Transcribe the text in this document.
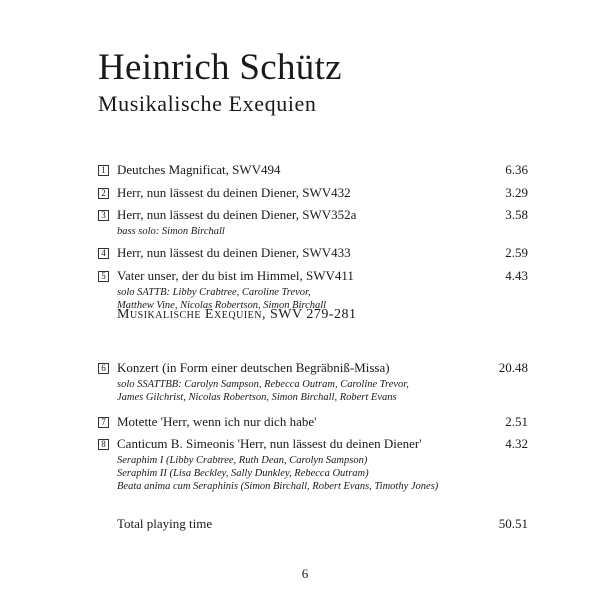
Heinrich Schütz
Musikalische Exequien
1 Deutches Magnificat, SWV494	6.36
2 Herr, nun lässest du deinen Diener, SWV432	3.29
3 Herr, nun lässest du deinen Diener, SWV352a	3.58
bass solo: Simon Birchall
4 Herr, nun lässest du deinen Diener, SWV433	2.59
5 Vater unser, der du bist im Himmel, SWV411	4.43
solo SATTB: Libby Crabtree, Caroline Trevor,
Matthew Vine, Nicolas Robertson, Simon Birchall
Musikalische Exequien, SWV 279-281
6 Konzert (in Form einer deutschen Begräbniß-Missa)	20.48
solo SSATTBB: Carolyn Sampson, Rebecca Outram, Caroline Trevor,
James Gilchrist, Nicolas Robertson, Simon Birchall, Robert Evans
7 Motette 'Herr, wenn ich nur dich habe'	2.51
8 Canticum B. Simeonis 'Herr, nun lässest du deinen Diener'	4.32
Seraphim I (Libby Crabtree, Ruth Dean, Carolyn Sampson)
Seraphim II (Lisa Beckley, Sally Dunkley, Rebecca Outram)
Beata anima cum Seraphinis (Simon Birchall, Robert Evans, Timothy Jones)
Total playing time	50.51
6
